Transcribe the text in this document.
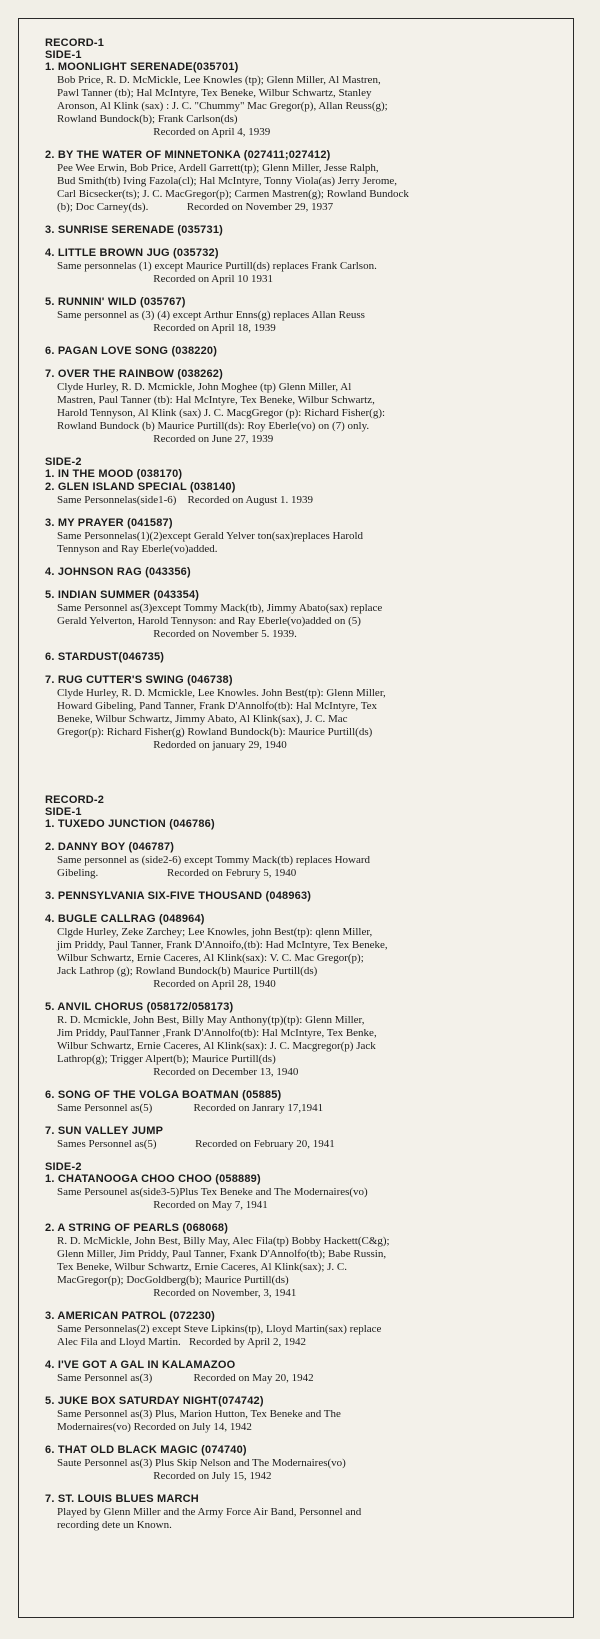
RECORD-1
SIDE-1
1. MOONLIGHT SERENADE(035701)
Bob Price, R. D. McMickle, Lee Knowles (tp); Glenn Miller, Al Mastren,
Pawl Tanner (tb); Hal McIntyre, Tex Beneke, Wilbur Schwartz, Stanley
Aronson, Al Klink (sax) : J. C. "Chummy" Mac Gregor(p), Allan Reuss(g);
Rowland Bundock(b); Frank Carlson(ds)
Recorded on April 4, 1939
2. BY THE WATER OF MINNETONKA (027411;027412)
Pee Wee Erwin, Bob Price, Ardell Garrett(tp); Glenn Miller, Jesse Ralph,
Bud Smith(tb) Iving Fazola(cl); Hal McIntyre, Tonny Viola(as) Jerry Jerome,
Carl Bicsecker(ts); J. C. MacGregor(p); Carmen Mastren(g); Rowland Bundock
(b); Doc Carney(ds).              Recorded on November 29, 1937
3. SUNRISE SERENADE (035731)
4. LITTLE BROWN JUG (035732)
Same personnelas (1) except Maurice Purtill(ds) replaces Frank Carlson.
Recorded on April 10 1931
5. RUNNIN' WILD (035767)
Same personnel as (3) (4) except Arthur Enns(g) replaces Allan Reuss
Recorded on April 18, 1939
6. PAGAN LOVE SONG (038220)
7. OVER THE RAINBOW (038262)
Clyde Hurley, R. D. Mcmickle, John Moghee (tp) Glenn Miller, Al
Mastren, Paul Tanner (tb): Hal McIntyre, Tex Beneke, Wilbur Schwartz,
Harold Tennyson, Al Klink (sax) J. C. MacgGregor (p): Richard Fisher(g):
Rowland Bundock (b) Maurice Purtill(ds): Roy Eberle(vo) on (7) only.
Recorded on June 27, 1939
SIDE-2
1. IN THE MOOD (038170)
2. GLEN ISLAND SPECIAL (038140)
Same Personnelas(side1-6)    Recorded on August 1. 1939
3. MY PRAYER (041587)
Same Personnelas(1)(2)except Gerald Yelver ton(sax)replaces Harold
Tennyson and Ray Eberle(vo)added.
4. JOHNSON RAG (043356)
5. INDIAN SUMMER (043354)
Same Personnel as(3)except Tommy Mack(tb), Jimmy Abato(sax) replace
Gerald Yelverton, Harold Tennyson: and Ray Eberle(vo)added on (5)
Recorded on November 5. 1939.
6. STARDUST(046735)
7. RUG CUTTER'S SWING (046738)
Clyde Hurley, R. D. Mcmickle, Lee Knowles. John Best(tp): Glenn Miller,
Howard Gibeling, Pand Tanner, Frank D'Annolfo(tb): Hal McIntyre, Tex
Beneke, Wilbur Schwartz, Jimmy Abato, Al Klink(sax), J. C. Mac
Gregor(p): Richard Fisher(g) Rowland Bundock(b): Maurice Purtill(ds)
Redorded on january 29, 1940
RECORD-2
SIDE-1
1. TUXEDO JUNCTION (046786)
2. DANNY BOY (046787)
Same personnel as (side2-6) except Tommy Mack(tb) replaces Howard
Gibeling.                         Recorded on Februry 5, 1940
3. PENNSYLVANIA SIX-FIVE THOUSAND (048963)
4. BUGLE CALLRAG (048964)
Clgde Hurley, Zeke Zarchey; Lee Knowles, john Best(tp): qlenn Miller,
jim Priddy, Paul Tanner, Frank D'Annoifo,(tb): Had McIntyre, Tex Beneke,
Wilbur Schwartz, Ernie Caceres, Al Klink(sax): V. C. Mac Gregor(p);
Jack Lathrop (g); Rowland Bundock(b) Maurice Purtill(ds)
Recorded on April 28, 1940
5. ANVIL CHORUS (058172/058173)
R. D. Mcmickle, John Best, Billy May Anthony(tp)(tp): Glenn Miller,
Jim Priddy, PaulTanner ,Frank D'Annolfo(tb): Hal McIntyre, Tex Benke,
Wilbur Schwartz, Ernie Caceres, Al Klink(sax): J. C. Macgregor(p) Jack
Lathrop(g); Trigger Alpert(b); Maurice Purtill(ds)
Recorded on December 13, 1940
6. SONG OF THE VOLGA BOATMAN (05885)
Same Personnel as(5)               Recorded on Janrary 17,1941
7. SUN VALLEY JUMP
Sames Personnel as(5)              Recorded on February 20, 1941
SIDE-2
1. CHATANOOGA CHOO CHOO (058889)
Same Persounel as(side3-5)Plus Tex Beneke and The Modernaires(vo)
Recorded on May 7, 1941
2. A STRING OF PEARLS (068068)
R. D. McMickle, John Best, Billy May, Alec Fila(tp) Bobby Hackett(C&g);
Glenn Miller, Jim Priddy, Paul Tanner, Fxank D'Annolfo(tb); Babe Russin,
Tex Beneke, Wilbur Schwartz, Ernie Caceres, Al Klink(sax); J. C.
MacGregor(p); DocGoldberg(b); Maurice Purtill(ds)
Recorded on November, 3, 1941
3. AMERICAN PATROL (072230)
Same Personnelas(2) except Steve Lipkins(tp), Lloyd Martin(sax) replace
Alec Fila and Lloyd Martin.   Recorded by April 2, 1942
4. I'VE GOT A GAL IN KALAMAZOO
Same Personnel as(3)               Recorded on May 20, 1942
5. JUKE BOX SATURDAY NIGHT(074742)
Same Personnel as(3) Plus, Marion Hutton, Tex Beneke and The
Modernaires(vo) Recorded on July 14, 1942
6. THAT OLD BLACK MAGIC (074740)
Saute Personnel as(3) Plus Skip Nelson and The Modernaires(vo)
Recorded on July 15, 1942
7. ST. LOUIS BLUES MARCH
Played by Glenn Miller and the Army Force Air Band, Personnel and
recording dete un Known.
